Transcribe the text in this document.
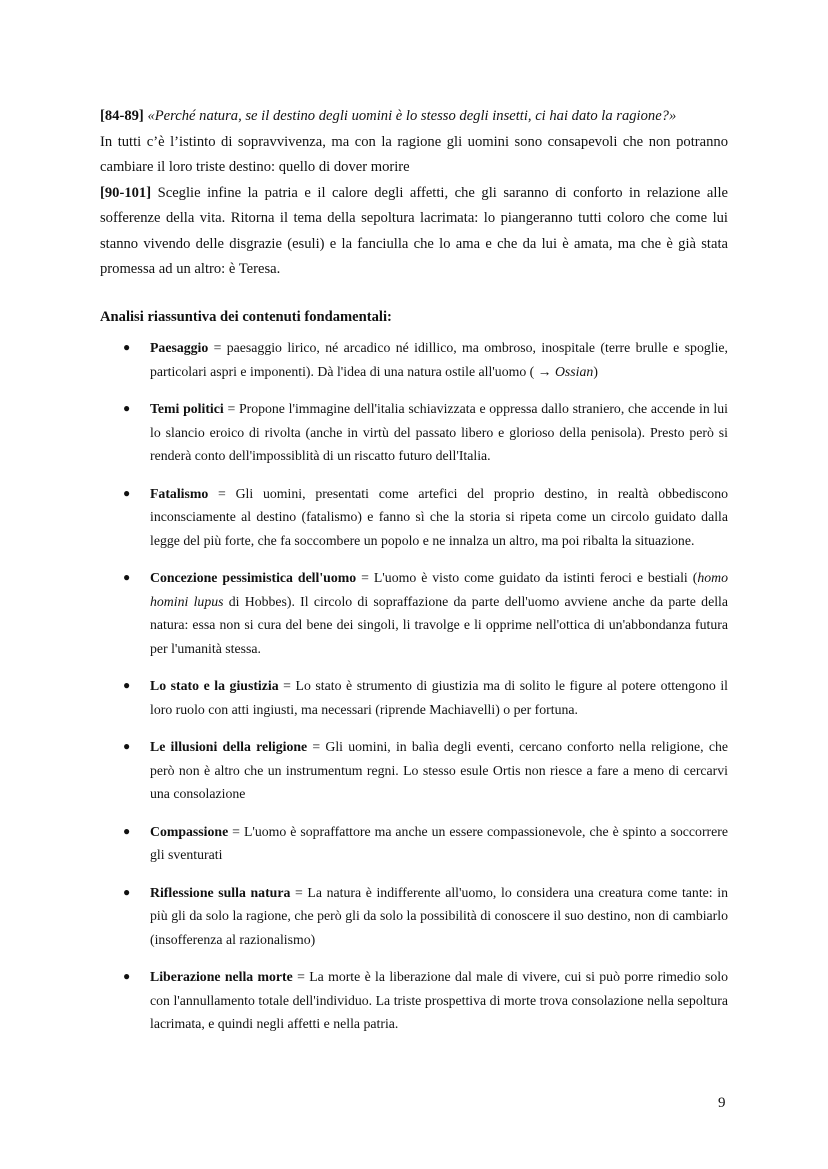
[84-89] «Perché natura, se il destino degli uomini è lo stesso degli insetti, ci hai dato la ragione?»
In tutti c’è l’istinto di sopravvivenza, ma con la ragione gli uomini sono consapevoli che non potranno cambiare il loro triste destino: quello di dover morire
[90-101] Sceglie infine la patria e il calore degli affetti, che gli saranno di conforto in relazione alle sofferenze della vita. Ritorna il tema della sepoltura lacrimata: lo piangeranno tutti coloro che come lui stanno vivendo delle disgrazie (esuli) e la fanciulla che lo ama e che da lui è amata, ma che è già stata promessa ad un altro: è Teresa.

Analisi riassuntiva dei contenuti fondamentali:

● Paesaggio = paesaggio lirico, né arcadico né idillico, ma ombroso, inospitale (terre brulle e spoglie, particolari aspri e imponenti). Dà l'idea di una natura ostile all'uomo ( → Ossian)
● Temi politici = Propone l'immagine dell'italia schiavizzata e oppressa dallo straniero, che accende in lui lo slancio eroico di rivolta (anche in virtù del passato libero e glorioso della penisola). Presto però si renderà conto dell'impossiblità di un riscatto futuro dell'Italia.
● Fatalismo = Gli uomini, presentati come artefici del proprio destino, in realtà obbediscono inconsciamente al destino (fatalismo) e fanno sì che la storia si ripeta come un circolo guidato dalla legge del più forte, che fa soccombere un popolo e ne innalza un altro, ma poi ribalta la situazione.
● Concezione pessimistica dell'uomo = L'uomo è visto come guidato da istinti feroci e bestiali (homo homini lupus di Hobbes). Il circolo di sopraffazione da parte dell'uomo avviene anche da parte della natura: essa non si cura del bene dei singoli, li travolge e li opprime nell'ottica di un'abbondanza futura per l'umanità stessa.
● Lo stato e la giustizia = Lo stato è strumento di giustizia ma di solito le figure al potere ottengono il loro ruolo con atti ingiusti, ma necessari (riprende Machiavelli) o per fortuna.
● Le illusioni della religione = Gli uomini, in balìa degli eventi, cercano conforto nella religione, che però non è altro che un instrumentum regni. Lo stesso esule Ortis non riesce a fare a meno di cercarvi una consolazione
● Compassione = L'uomo è sopraffattore ma anche un essere compassionevole, che è spinto a soccorrere gli sventurati
● Riflessione sulla natura = La natura è indifferente all'uomo, lo considera una creatura come tante: in più gli da solo la ragione, che però gli da solo la possibilità di conoscere il suo destino, non di cambiarlo (insofferenza al razionalismo)
● Liberazione nella morte = La morte è la liberazione dal male di vivere, cui si può porre rimedio solo con l'annullamento totale dell'individuo. La triste prospettiva di morte trova consolazione nella sepoltura lacrimata, e quindi negli affetti e nella patria.
9
